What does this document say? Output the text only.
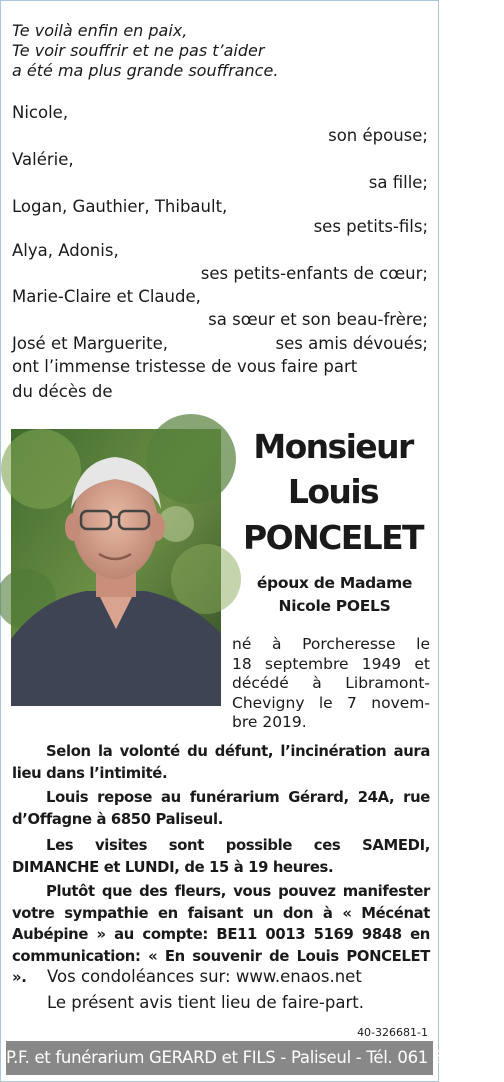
Te voilà enfin en paix,
Te voir souffrir et ne pas t’aider
a été ma plus grande souffrance.
Nicole,
son épouse;
Valérie,
sa fille;
Logan, Gauthier, Thibault,
ses petits-fils;
Alya, Adonis,
ses petits-enfants de cœur;
Marie-Claire et Claude,
sa sœur et son beau-frère;
José et Marguerite,	ses amis dévoués;
ont l’immense tristesse de vous faire part
du décès de
Monsieur
Louis
PONCELET
époux de Madame
Nicole POELS
né à Porcheresse le
18 septembre 1949 et
décédé à Libramont-
Chevigny le 7 novem-
bre 2019.
Selon la volonté du défunt, l’incinération aura lieu dans l’intimité.
Louis repose au funérarium Gérard, 24A, rue d’Offagne à 6850 Paliseul.
Les visites sont possible ces SAMEDI, DIMANCHE et LUNDI, de 15 à 19 heures.
Plutôt que des fleurs, vous pouvez manifester votre sympathie en faisant un don à « Mécénat Aubépine » au compte: BE11 0013 5169 9848 en communication: « En souvenir de Louis PONCELET ».	Vos condoléances sur: www.enaos.net
Le présent avis tient lieu de faire-part.
40-326681-1
P.F. et funérarium GERARD et FILS - Paliseul - Tél. 061 53 32 84
